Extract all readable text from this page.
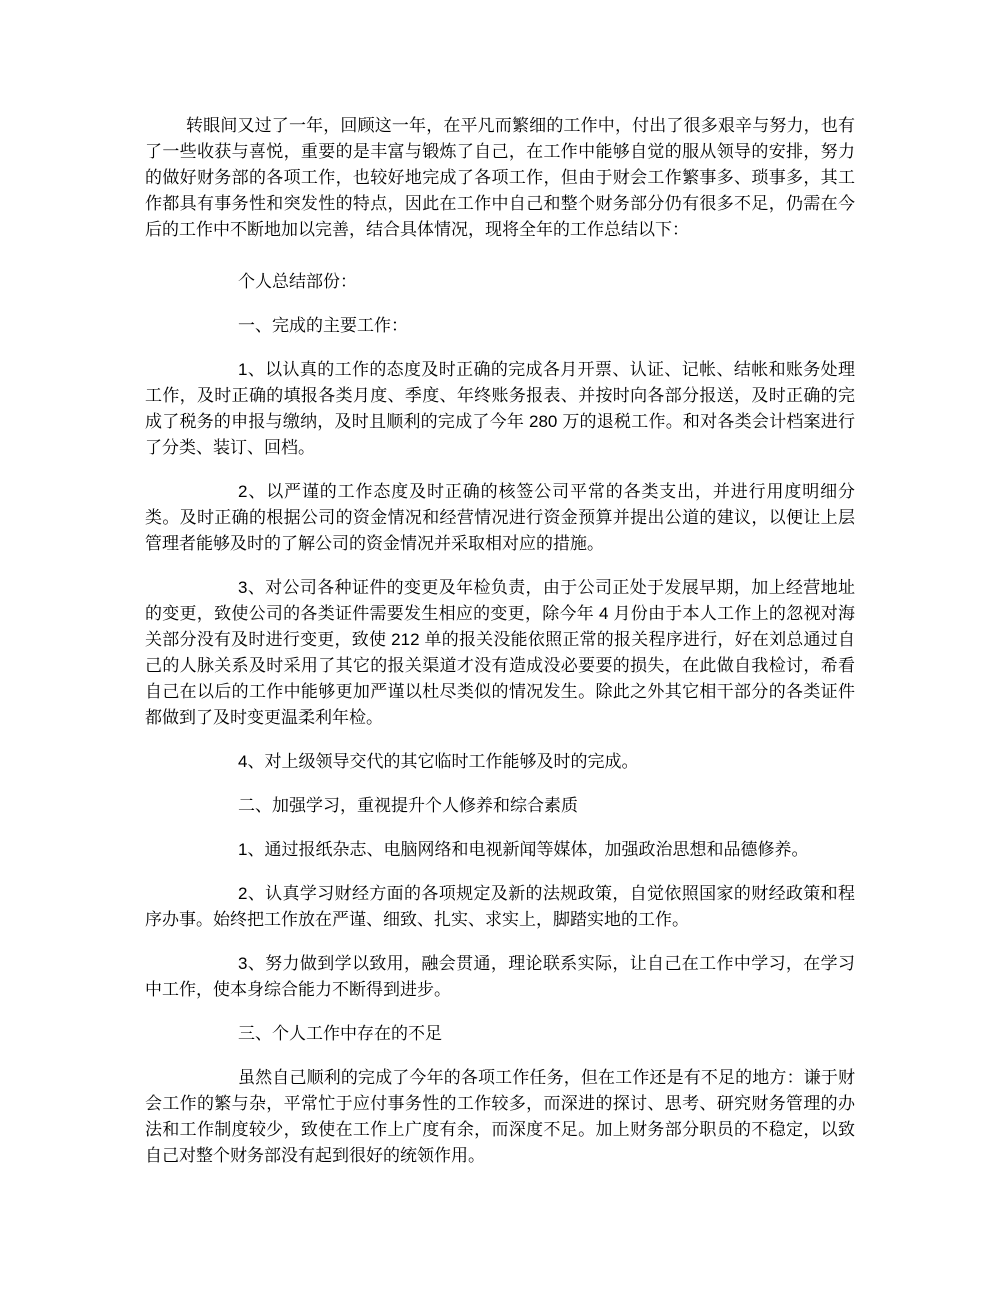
转眼间又过了一年，回顾这一年，在平凡而繁细的工作中，付出了很多艰辛与努力，也有了一些收获与喜悦，重要的是丰富与锻炼了自己，在工作中能够自觉的服从领导的安排，努力的做好财务部的各项工作，也较好地完成了各项工作，但由于财会工作繁事多、琐事多，其工作都具有事务性和突发性的特点，因此在工作中自己和整个财务部分仍有很多不足，仍需在今后的工作中不断地加以完善，结合具体情况，现将全年的工作总结以下：

个人总结部份：

一、完成的主要工作：

1、以认真的工作的态度及时正确的完成各月开票、认证、记帐、结帐和账务处理工作，及时正确的填报各类月度、季度、年终账务报表、并按时向各部分报送，及时正确的完成了税务的申报与缴纳，及时且顺利的完成了今年 280 万的退税工作。和对各类会计档案进行了分类、装订、回档。

2、以严谨的工作态度及时正确的核签公司平常的各类支出，并进行用度明细分类。及时正确的根据公司的资金情况和经营情况进行资金预算并提出公道的建议，以便让上层管理者能够及时的了解公司的资金情况并采取相对应的措施。

3、对公司各种证件的变更及年检负责，由于公司正处于发展早期，加上经营地址的变更，致使公司的各类证件需要发生相应的变更，除今年 4 月份由于本人工作上的忽视对海关部分没有及时进行变更，致使 212 单的报关没能依照正常的报关程序进行，好在刘总通过自己的人脉关系及时采用了其它的报关渠道才没有造成没必要要的损失，在此做自我检讨，希看自己在以后的工作中能够更加严谨以杜尽类似的情况发生。除此之外其它相干部分的各类证件都做到了及时变更温柔利年检。

4、对上级领导交代的其它临时工作能够及时的完成。

二、加强学习，重视提升个人修养和综合素质

1、通过报纸杂志、电脑网络和电视新闻等媒体，加强政治思想和品德修养。

2、认真学习财经方面的各项规定及新的法规政策，自觉依照国家的财经政策和程序办事。始终把工作放在严谨、细致、扎实、求实上，脚踏实地的工作。

3、努力做到学以致用，融会贯通，理论联系实际，让自己在工作中学习，在学习中工作，使本身综合能力不断得到进步。

三、个人工作中存在的不足

虽然自己顺利的完成了今年的各项工作任务，但在工作还是有不足的地方：谦于财会工作的繁与杂，平常忙于应付事务性的工作较多，而深进的探讨、思考、研究财务管理的办法和工作制度较少，致使在工作上广度有余，而深度不足。加上财务部分职员的不稳定，以致自己对整个财务部没有起到很好的统领作用。
